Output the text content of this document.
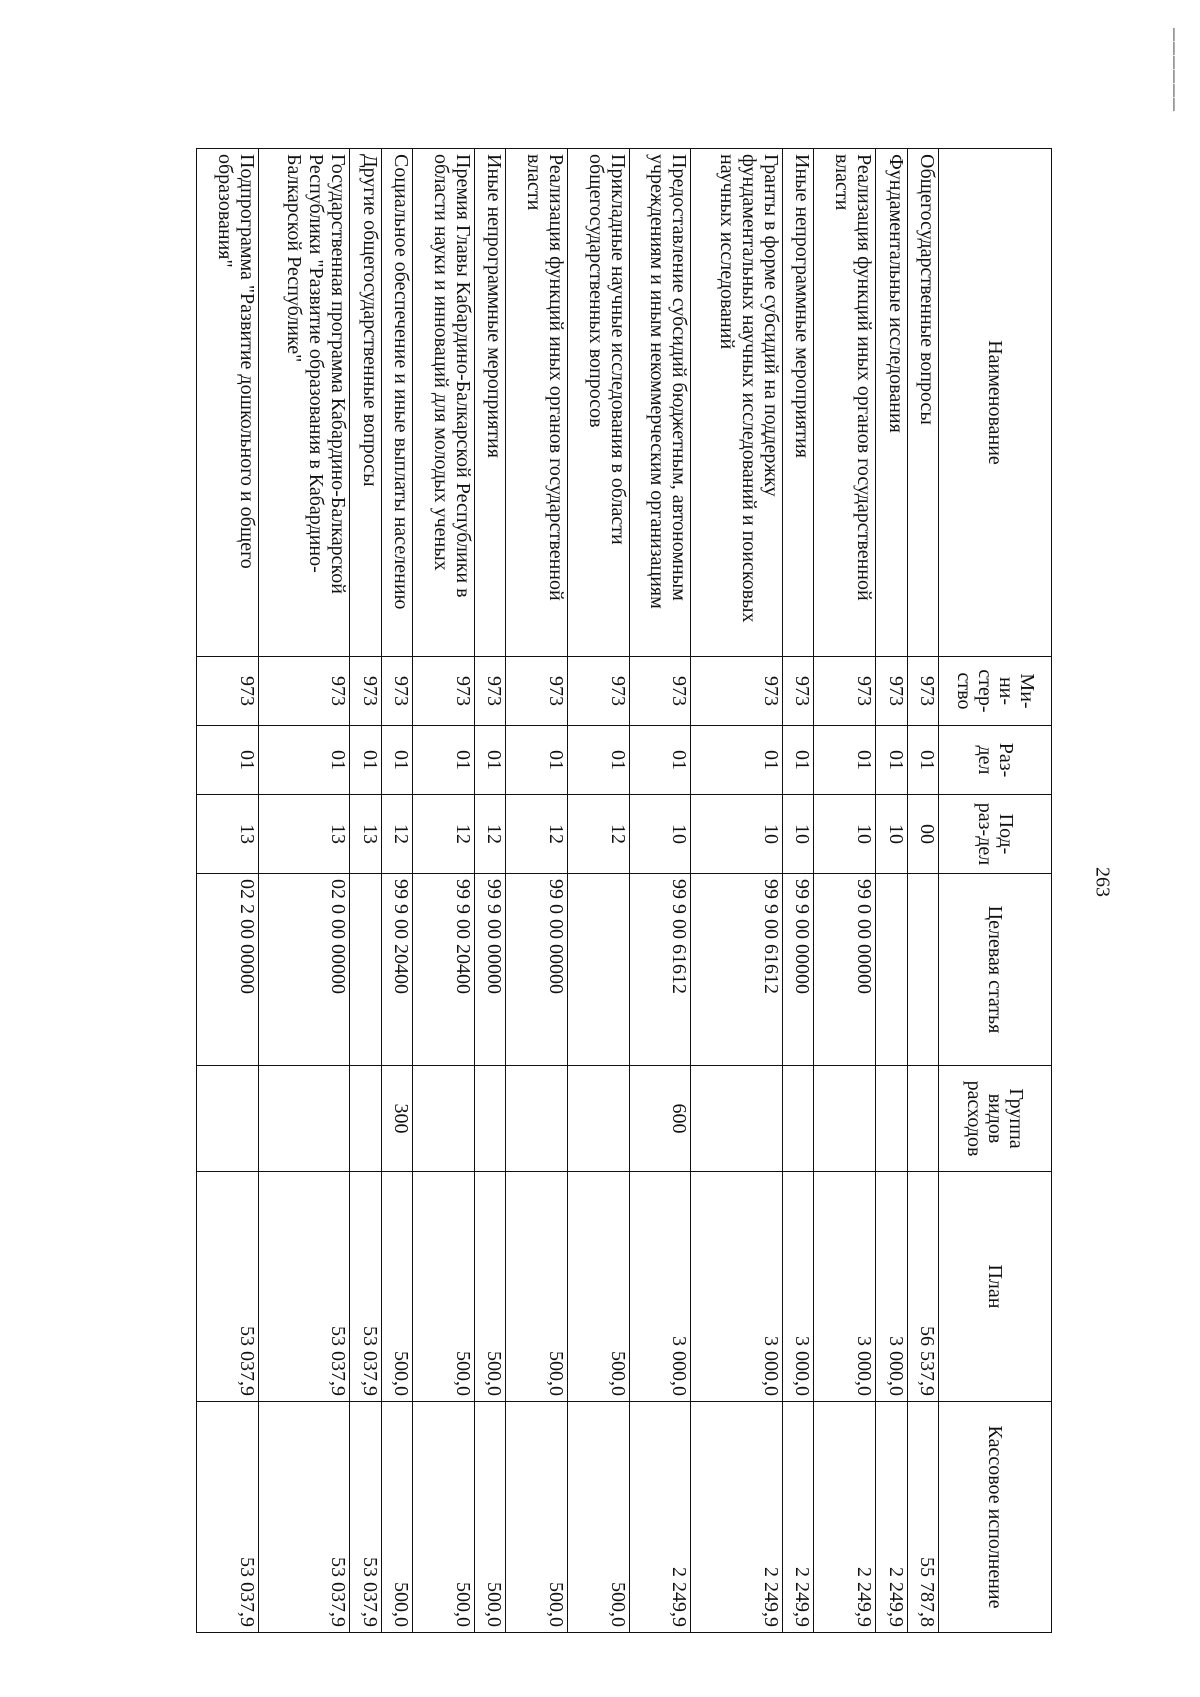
——————
263
Наименование	Ми-ни-стер-ство	Раз-дел	Под-раз-дел	Целевая статья	Группа видов расходов	План	Кассовое исполнение
Общегосударственные вопросы	973	01	00			56 537,9	55 787,8
Фундаментальные исследования	973	01	10			3 000,0	2 249,9
Реализация функций иных органов государственной власти	973	01	10	99 0 00 00000		3 000,0	2 249,9
Иные непрограммные мероприятия	973	01	10	99 9 00 00000		3 000,0	2 249,9
Гранты в форме субсидий на поддержку фундаментальных научных исследований и поисковых научных исследований	973	01	10	99 9 00 61612		3 000,0	2 249,9
Предоставление субсидий бюджетным, автономным учреждениям и иным некоммерческим организациям	973	01	10	99 9 00 61612	600	3 000,0	2 249,9
Прикладные научные исследования в области общегосударственных вопросов	973	01	12			500,0	500,0
Реализация функций иных органов государственной власти	973	01	12	99 0 00 00000		500,0	500,0
Иные непрограммные мероприятия	973	01	12	99 9 00 00000		500,0	500,0
Премия Главы Кабардино-Балкарской Республики в области науки и инноваций для молодых ученых	973	01	12	99 9 00 20400		500,0	500,0
Социальное обеспечение и иные выплаты населению	973	01	12	99 9 00 20400	300	500,0	500,0
Другие общегосударственные вопросы	973	01	13			53 037,9	53 037,9
Государственная программа Кабардино-Балкарской Республики "Развитие образования в Кабардино-Балкарской Республике"	973	01	13	02 0 00 00000		53 037,9	53 037,9
Подпрограмма "Развитие дошкольного и общего образования"	973	01	13	02 2 00 00000		53 037,9	53 037,9
